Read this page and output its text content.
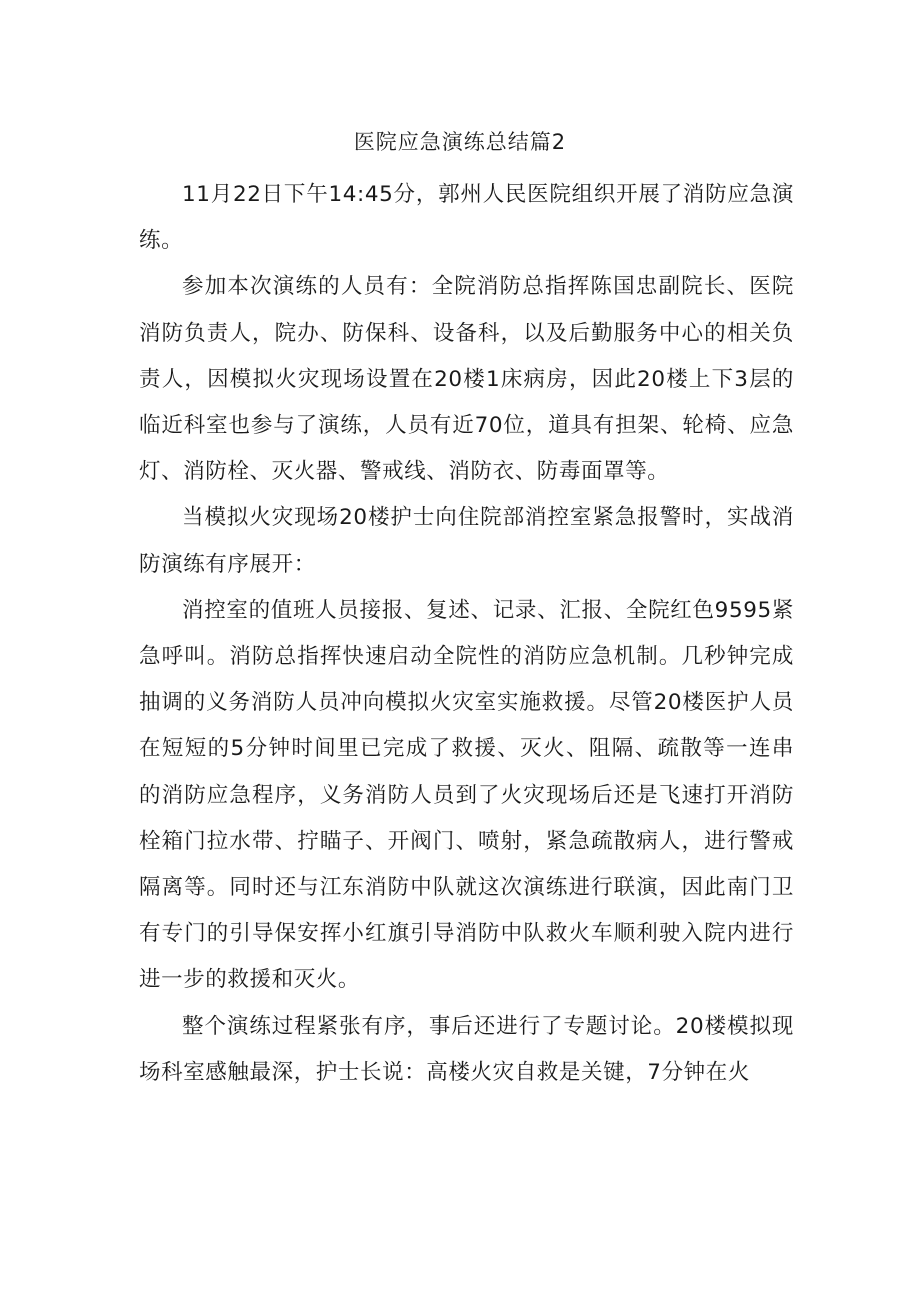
医院应急演练总结篇2

11月22日下午14:45分，郭州人民医院组织开展了消防应急演练。

参加本次演练的人员有：全院消防总指挥陈国忠副院长、医院消防负责人，院办、防保科、设备科，以及后勤服务中心的相关负责人，因模拟火灾现场设置在20楼1床病房，因此20楼上下3层的临近科室也参与了演练，人员有近70位，道具有担架、轮椅、应急灯、消防栓、灭火器、警戒线、消防衣、防毒面罩等。

当模拟火灾现场20楼护士向住院部消控室紧急报警时，实战消防演练有序展开：

消控室的值班人员接报、复述、记录、汇报、全院红色9595紧急呼叫。消防总指挥快速启动全院性的消防应急机制。几秒钟完成抽调的义务消防人员冲向模拟火灾室实施救援。尽管20楼医护人员在短短的5分钟时间里已完成了救援、灭火、阻隔、疏散等一连串的消防应急程序，义务消防人员到了火灾现场后还是飞速打开消防栓箱门拉水带、拧瞄子、开阀门、喷射，紧急疏散病人，进行警戒隔离等。同时还与江东消防中队就这次演练进行联演，因此南门卫有专门的引导保安挥小红旗引导消防中队救火车顺利驶入院内进行进一步的救援和灭火。

整个演练过程紧张有序，事后还进行了专题讨论。20楼模拟现场科室感触最深，护士长说：高楼火灾自救是关键，7分钟在火
